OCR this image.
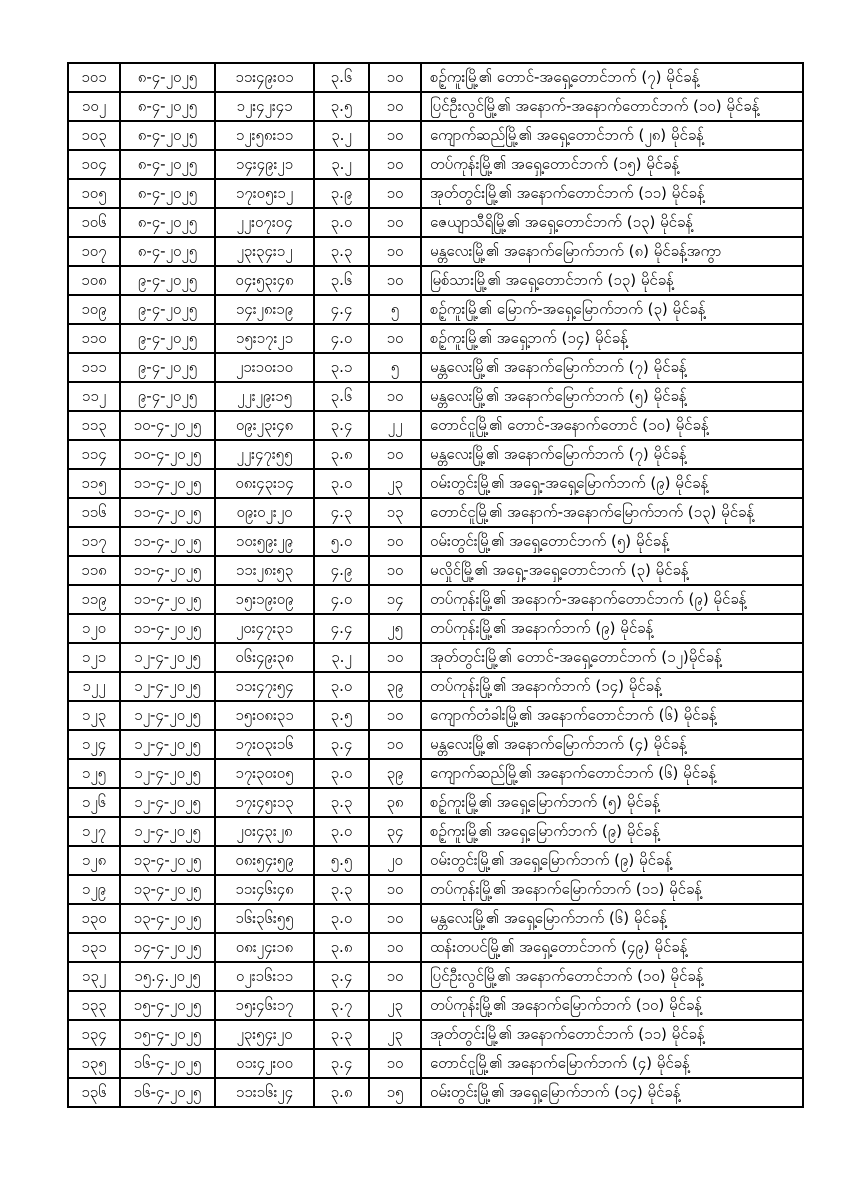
၁၀၁	၈-၄-၂၀၂၅	၁၁း၄၉း၀၁	၃.၆	၁၀	စဉ့်ကူးမြို့၏ တောင်-အရှေ့တောင်ဘက် (၇) မိုင်ခန့်
၁၀၂	၈-၄-၂၀၂၅	၁၂း၄၂း၄၁	၃.၅	၁၀	ပြင်ဦးလွင်မြို့၏ အနောက်-အနောက်တောင်ဘက် (၁၀) မိုင်ခန့်
၁၀၃	၈-၄-၂၀၂၅	၁၂း၅၈း၁၁	၃.၂	၁၀	ကျောက်ဆည်မြို့၏ အရှေ့တောင်ဘက် (၂၈) မိုင်ခန့်
၁၀၄	၈-၄-၂၀၂၅	၁၄း၄၉း၂၁	၃.၂	၁၀	တပ်ကုန်းမြို့၏ အရှေ့တောင်ဘက် (၁၅) မိုင်ခန့်
၁၀၅	၈-၄-၂၀၂၅	၁၇း၀၅း၁၂	၃.၉	၁၀	အုတ်တွင်းမြို့၏ အနောက်တောင်ဘက် (၁၁) မိုင်ခန့်
၁၀၆	၈-၄-၂၀၂၅	၂၂း၀၇း၀၄	၃.၀	၁၀	ဇေယျာသီရိမြို့၏ အရှေ့တောင်ဘက် (၁၃) မိုင်ခန့်
၁၀၇	၈-၄-၂၀၂၅	၂၃း၃၄း၁၂	၃.၃	၁၀	မန္တလေးမြို့၏ အနောက်မြောက်ဘက် (၈) မိုင်ခန့်အကွာ
၁၀၈	၉-၄-၂၀၂၅	၀၄း၅၃း၄၈	၃.၆	၁၀	မြစ်သားမြို့၏ အရှေ့တောင်ဘက် (၁၃) မိုင်ခန့်
၁၀၉	၉-၄-၂၀၂၅	၁၄း၂၈း၁၉	၄.၄	၅	စဉ့်ကူးမြို့၏ မြောက်-အရှေ့မြောက်ဘက် (၃) မိုင်ခန့်
၁၁၀	၉-၄-၂၀၂၅	၁၅း၁၇း၂၁	၄.၀	၁၀	စဉ့်ကူးမြို့၏ အရှေ့ဘက် (၁၄) မိုင်ခန့်
၁၁၁	၉-၄-၂၀၂၅	၂၁း၁၀း၁၀	၃.၁	၅	မန္တလေးမြို့၏ အနောက်မြောက်ဘက် (၇) မိုင်ခန့်
၁၁၂	၉-၄-၂၀၂၅	၂၂း၂၉း၁၅	၃.၆	၁၀	မန္တလေးမြို့၏ အနောက်မြောက်ဘက် (၅) မိုင်ခန့်
၁၁၃	၁၀-၄-၂၀၂၅	၀၉း၂၃း၄၈	၃.၄	၂၂	တောင်ငူမြို့၏ တောင်-အနောက်တောင် (၁၀) မိုင်ခန့်
၁၁၄	၁၀-၄-၂၀၂၅	၂၂း၄၇း၅၅	၃.၈	၁၀	မန္တလေးမြို့၏ အနောက်မြောက်ဘက် (၇) မိုင်ခန့်
၁၁၅	၁၁-၄-၂၀၂၅	၀၈း၄၃း၁၄	၃.၀	၂၃	ဝမ်းတွင်းမြို့၏ အရှေ့-အရှေ့မြောက်ဘက် (၉) မိုင်ခန့်
၁၁၆	၁၁-၄-၂၀၂၅	၀၉း၀၂း၂၀	၄.၃	၁၃	တောင်ငူမြို့၏ အနောက်-အနောက်မြောက်ဘက် (၁၃) မိုင်ခန့်
၁၁၇	၁၁-၄-၂၀၂၅	၁၀း၅၉း၂၉	၅.၀	၁၀	ဝမ်းတွင်းမြို့၏ အရှေ့တောင်ဘက် (၅) မိုင်ခန့်
၁၁၈	၁၁-၄-၂၀၂၅	၁၁း၂၈း၅၃	၄.၉	၁၀	မလှိုင်မြို့၏ အရှေ့-အရှေ့တောင်ဘက် (၃) မိုင်ခန့်
၁၁၉	၁၁-၄-၂၀၂၅	၁၅း၁၉း၀၉	၄.၀	၁၄	တပ်ကုန်းမြို့၏ အနောက်-အနောက်တောင်ဘက် (၉) မိုင်ခန့်
၁၂၀	၁၁-၄-၂၀၂၅	၂၀း၄၇း၃၁	၄.၄	၂၅	တပ်ကုန်းမြို့၏ အနောက်ဘက် (၉) မိုင်ခန့်
၁၂၁	၁၂-၄-၂၀၂၅	၀၆း၄၉း၃၈	၃.၂	၁၀	အုတ်တွင်းမြို့၏ တောင်-အရှေ့တောင်ဘက် (၁၂)မိုင်ခန့်
၁၂၂	၁၂-၄-၂၀၂၅	၁၁း၄၇း၅၄	၃.၀	၃၉	တပ်ကုန်းမြို့၏ အနောက်ဘက် (၁၄) မိုင်ခန့်
၁၂၃	၁၂-၄-၂၀၂၅	၁၅း၀၈း၃၁	၃.၅	၁၀	ကျောက်တံခါးမြို့၏ အနောက်တောင်ဘက် (၆) မိုင်ခန့်
၁၂၄	၁၂-၄-၂၀၂၅	၁၇း၀၃း၁၆	၃.၄	၁၀	မန္တလေးမြို့၏ အနောက်မြောက်ဘက် (၄) မိုင်ခန့်
၁၂၅	၁၂-၄-၂၀၂၅	၁၇း၃၀း၀၅	၃.၀	၃၉	ကျောက်ဆည်မြို့၏ အနောက်တောင်ဘက် (၆) မိုင်ခန့်
၁၂၆	၁၂-၄-၂၀၂၅	၁၇း၄၅း၁၃	၃.၃	၃၈	စဉ့်ကူးမြို့၏ အရှေ့မြောက်ဘက် (၅) မိုင်ခန့်
၁၂၇	၁၂-၄-၂၀၂၅	၂၀း၄၃း၂၈	၃.၀	၃၄	စဉ့်ကူးမြို့၏ အရှေ့မြောက်ဘက် (၉) မိုင်ခန့်
၁၂၈	၁၃-၄-၂၀၂၅	၀၈း၅၄း၅၉	၅.၅	၂၀	ဝမ်းတွင်းမြို့၏ အရှေ့မြောက်ဘက် (၉) မိုင်ခန့်
၁၂၉	၁၃-၄-၂၀၂၅	၁၁း၄၆း၄၈	၃.၃	၁၀	တပ်ကုန်းမြို့၏ အနောက်မြောက်ဘက် (၁၁) မိုင်ခန့်
၁၃၀	၁၃-၄-၂၀၂၅	၁၆း၃၆း၅၅	၃.၀	၁၀	မန္တလေးမြို့၏ အရှေ့မြောက်ဘက် (၆) မိုင်ခန့်
၁၃၁	၁၄-၄-၂၀၂၅	၀၈း၂၄း၁၈	၃.၈	၁၀	ထန်းတပင်မြို့၏ အရှေ့တောင်ဘက် (၄၉) မိုင်ခန့်
၁၃၂	၁၅.၄.၂၀၂၅	၀၂း၁၆း၁၁	၃.၄	၁၀	ပြင်ဦးလွင်မြို့၏ အနောက်တောင်ဘက် (၁၀) မိုင်ခန့်
၁၃၃	၁၅-၄-၂၀၂၅	၁၅း၄၆း၁၇	၃.၇	၂၃	တပ်ကုန်းမြို့၏ အနောက်မြောက်ဘက် (၁၀) မိုင်ခန့်
၁၃၄	၁၅-၄-၂၀၂၅	၂၃း၅၄း၂၀	၃.၃	၂၃	အုတ်တွင်းမြို့၏ အနောက်တောင်ဘက် (၁၁) မိုင်ခန့်
၁၃၅	၁၆-၄-၂၀၂၅	၀၁း၄၂း၀၀	၃.၄	၁၀	တောင်ငူမြို့၏ အနောက်မြောက်ဘက် (၄) မိုင်ခန့်
၁၃၆	၁၆-၄-၂၀၂၅	၁၁း၁၆း၂၄	၃.၈	၁၅	ဝမ်းတွင်းမြို့၏ အရှေ့မြောက်ဘက် (၁၄) မိုင်ခန့်
